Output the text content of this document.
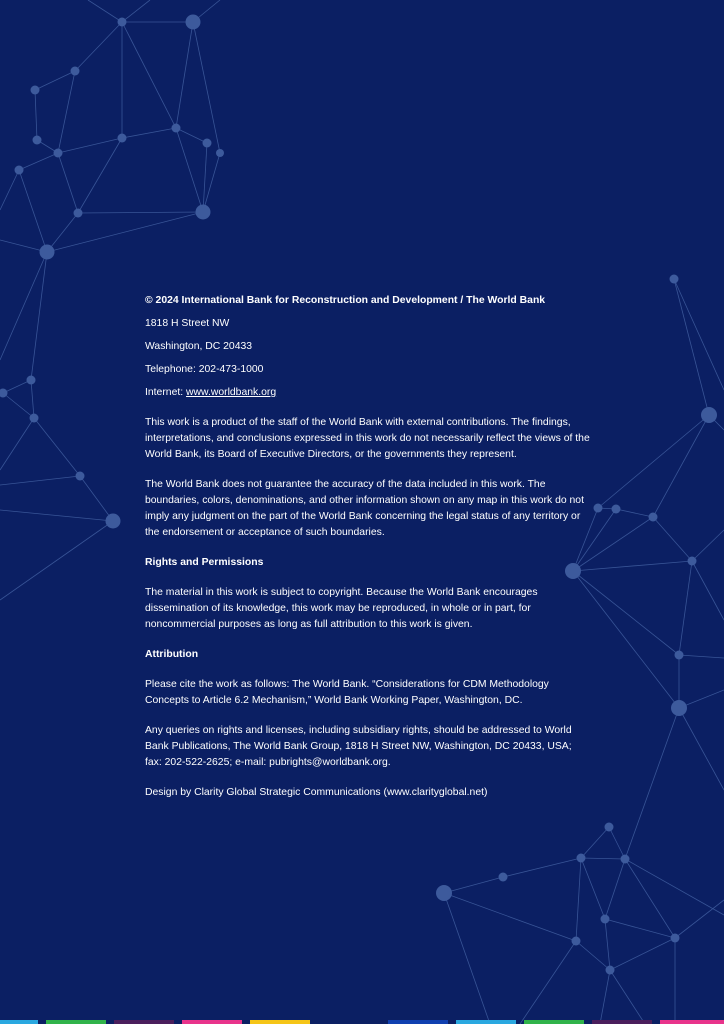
© 2024 International Bank for Reconstruction and Development / The World Bank

1818 H Street NW

Washington, DC 20433

Telephone: 202-473-1000

Internet: www.worldbank.org

This work is a product of the staff of the World Bank with external contributions. The findings, interpretations, and conclusions expressed in this work do not necessarily reflect the views of the World Bank, its Board of Executive Directors, or the governments they represent.

The World Bank does not guarantee the accuracy of the data included in this work. The boundaries, colors, denominations, and other information shown on any map in this work do not imply any judgment on the part of the World Bank concerning the legal status of any territory or the endorsement or acceptance of such boundaries.

Rights and Permissions

The material in this work is subject to copyright. Because the World Bank encourages dissemination of its knowledge, this work may be reproduced, in whole or in part, for noncommercial purposes as long as full attribution to this work is given.

Attribution

Please cite the work as follows: The World Bank. “Considerations for CDM Methodology Concepts to Article 6.2 Mechanism,” World Bank Working Paper, Washington, DC.

Any queries on rights and licenses, including subsidiary rights, should be addressed to World Bank Publications, The World Bank Group, 1818 H Street NW, Washington, DC 20433, USA; fax: 202-522-2625; e-mail: pubrights@worldbank.org.

Design by Clarity Global Strategic Communications (www.clarityglobal.net)
